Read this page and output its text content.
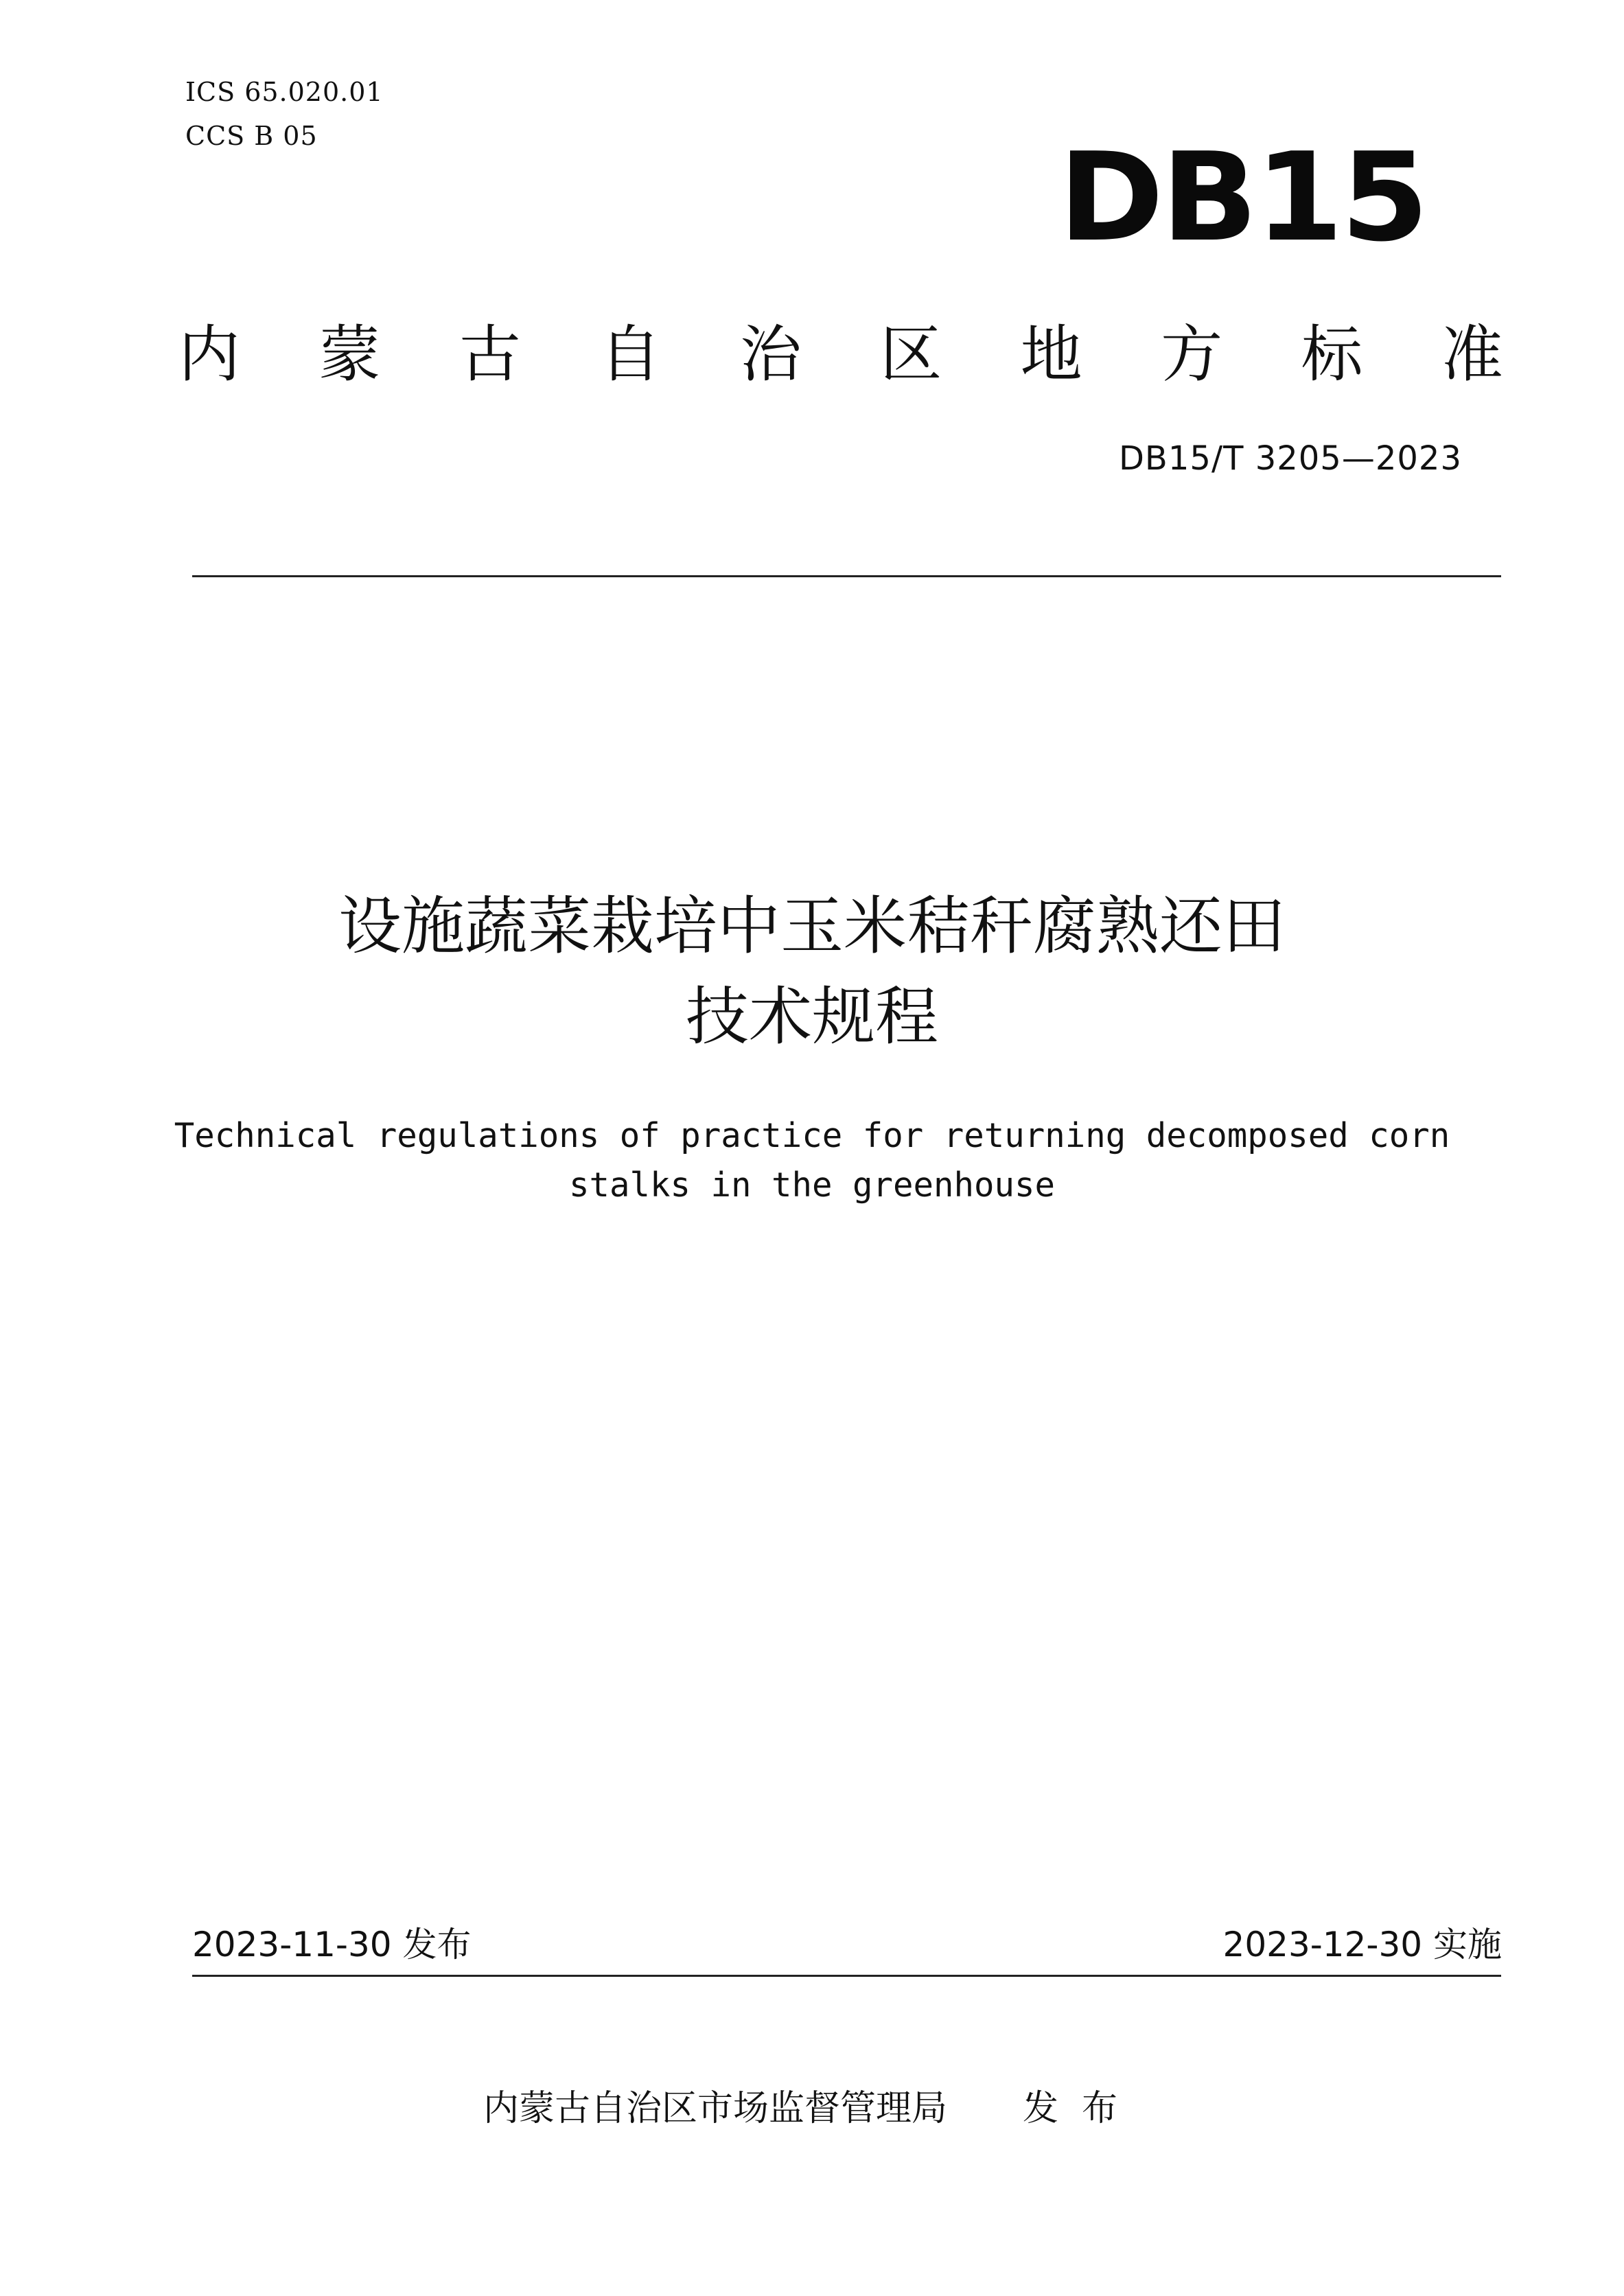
ICS 65.020.01
CCS B 05	DB15
内 蒙 古 自 治 区 地 方 标 准
DB15/T 3205—2023
设施蔬菜栽培中玉米秸秆腐熟还田
技术规程
Technical regulations of practice for returning decomposed corn
stalks in the greenhouse
2023-11-30 发布	2023-12-30 实施
内蒙古自治区市场监督管理局 发布
